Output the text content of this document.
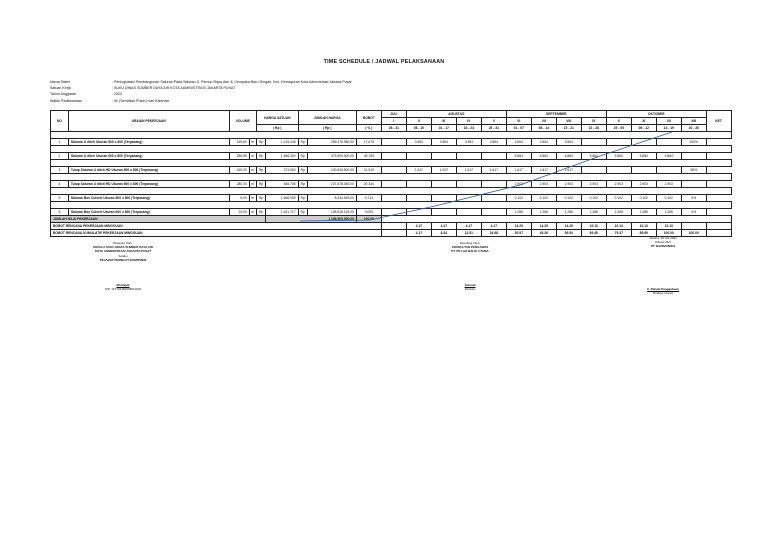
TIME SCHEDULE / JADWAL PELAKSANAAN
Nama Paket	: Peningkatan/ Pembangunan Saluran Pada Saluran Jl. Pemuo Raya dan Jl. Cempaka Baru Tengah, Kec. Kemayoran Kota Administrasi Jakarta Pusat
Satuan Kerja	: SUKU DINAS SUMBER DAYA AIR KOTA ADMINISTRASI JAKARTA PUSAT
Tahun Anggaran	: 2022
Waktu Pelaksanaan	: 90 (Sembilan Puluh) Hari Kalender
NO	URAIAN PEKERJAAN	VOLUME		HARGA SATUAN		JUMLAH HARGA		BOBOT	JULI	AGUSTUS				SEPTEMBER				OKTOBER				KET.
									I	II	III	IV	V	VI	VII	VIII	IX	X	XI	XII	XIII	
				( Rp )		( Rp )		( % )	26 - 31	08 - 10	01 - 17	18 - 24	25 - 31	01 - 07	08 - 14	15 - 21	22 - 28	29 - 05	06 - 12	13 - 19	20 - 26	

1	Saluran U ditch Ukuran 800 x 800 (Terpasang)	169,80	m'	Rp	1.139.446	Rp	289.378.960,00	17,675		3.554	3.554	3.554	3.554	3.554	3.554	3.554					100%	

2	Saluran U ditch Ukuran 600 x 800 (Terpasang)	286,85	m'	Rp	1.656.300	Rp	475.509.000,00	40,765						5.884	5.884	5.884	5.884	5.884	5.884	5.884		

3	Tutup Saluran U ditch HD Ukuran 600 x 800 (Terpasang)	160,00	m'	Rp	721.500	Rp	130.634.500,00	11,319		1.617	1.617	1.617	1.617	1.617	1.617	1.617					58%	

4	Tutup Saluran U ditch HD Ukuran 600 x 800 (Terpasang)	280,00	m'	Rp	846.706	Rp	237.678.040,00	20,334						2.903	2.903	2.903	2.903	2.903	2.903	2.903		

5	Saluran Box Culvert Ukuran 800 x 800 (Terpasang)	5,00	m'	Rp	1.666.909	Rp	8.334.545,00	0,714						0.102	0.102	0.102	0.102	0.102	0.102	0.102	0%	

5	Saluran Box Culvert Ukuran 600 x 800 (Terpasang)	20,00	m'	Rp	1.621.717	Rp	105.618.125,00	9,093						1.286	1.286	1.286	1.286	1.286	1.286	1.286	0%	
JUMLAH NILAI PEKERJAAN					1.168.509.050,00			100,00														
BOBOT RENCANA PEKERJAAN MINGGUAN										4.17	4.17	4.17	4.17	14.29	14.29	14.29	10.13	10.13	10.13	10.13		
BOBOT RENCANA KUMULATIF PEKERJAAN MINGGUAN										4.17	8.34	12.51	16.68	30.97	45.26	59.54	69.45	79.37	89.69	100.00	100.00	
Disetujui Oleh,
KEPALA SUKU DINAS SUMBER DAYA AIR
KOTA ADMINISTRASI JAKARTA PUSAT
Selaku
PEJABAT PEMBUAT KOMITMEN
Mustajab
NIP. 197702182008011002
Diperiksa Oleh,
KONSULTAN PENGAWAS
PT. PILLAR BALIK UTAMA
Sumadi
Direktur
Jakarta, 26 Juli 2022
Dibuat Oleh
PT. BARIBONIKA
Ir. Pahala Panggabean
Direktur Utama
